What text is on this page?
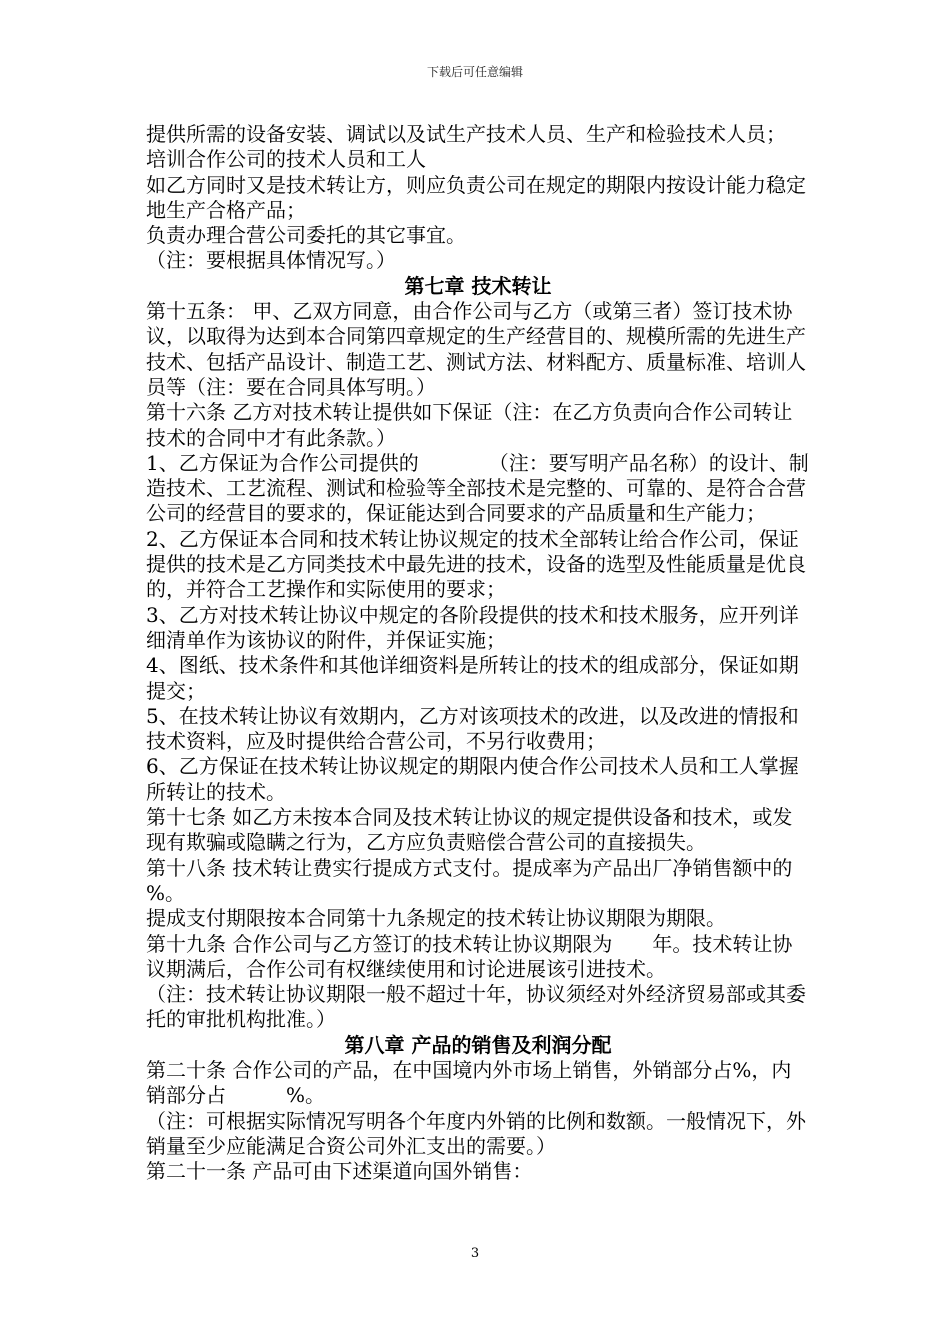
下载后可任意编辑

提供所需的设备安装、调试以及试生产技术人员、生产和检验技术人员；

培训合作公司的技术人员和工人

如乙方同时又是技术转让方，则应负责公司在规定的期限内按设计能力稳定地生产合格产品；

负责办理合营公司委托的其它事宜。

（注：要根据具体情况写。）

第七章 技术转让

第十五条： 甲、乙双方同意，由合作公司与乙方（或第三者）签订技术协议，以取得为达到本合同第四章规定的生产经营目的、规模所需的先进生产技术、包括产品设计、制造工艺、测试方法、材料配方、质量标准、培训人员等（注：要在合同具体写明。）

第十六条 乙方对技术转让提供如下保证（注：在乙方负责向合作公司转让技术的合同中才有此条款。）

1、乙方保证为合作公司提供的　　　　（注：要写明产品名称）的设计、制造技术、工艺流程、测试和检验等全部技术是完整的、可靠的、是符合合营公司的经营目的要求的，保证能达到合同要求的产品质量和生产能力；

2、乙方保证本合同和技术转让协议规定的技术全部转让给合作公司，保证提供的技术是乙方同类技术中最先进的技术，设备的选型及性能质量是优良的，并符合工艺操作和实际使用的要求；

3、乙方对技术转让协议中规定的各阶段提供的技术和技术服务，应开列详细清单作为该协议的附件，并保证实施；

4、图纸、技术条件和其他详细资料是所转让的技术的组成部分，保证如期提交；

5、在技术转让协议有效期内，乙方对该项技术的改进，以及改进的情报和技术资料，应及时提供给合营公司，不另行收费用；

6、乙方保证在技术转让协议规定的期限内使合作公司技术人员和工人掌握所转让的技术。

第十七条 如乙方未按本合同及技术转让协议的规定提供设备和技术，或发现有欺骗或隐瞒之行为，乙方应负责赔偿合营公司的直接损失。

第十八条 技术转让费实行提成方式支付。提成率为产品出厂净销售额中的　　　%。

提成支付期限按本合同第十九条规定的技术转让协议期限为期限。

第十九条 合作公司与乙方签订的技术转让协议期限为　　年。技术转让协议期满后，合作公司有权继续使用和讨论进展该引进技术。

（注：技术转让协议期限一般不超过十年，协议须经对外经济贸易部或其委托的审批机构批准。）

第八章 产品的销售及利润分配

第二十条 合作公司的产品，在中国境内外市场上销售，外销部分占%，内销部分占　　　%。

（注：可根据实际情况写明各个年度内外销的比例和数额。一般情况下，外销量至少应能满足合资公司外汇支出的需要。）

第二十一条 产品可由下述渠道向国外销售：

3
